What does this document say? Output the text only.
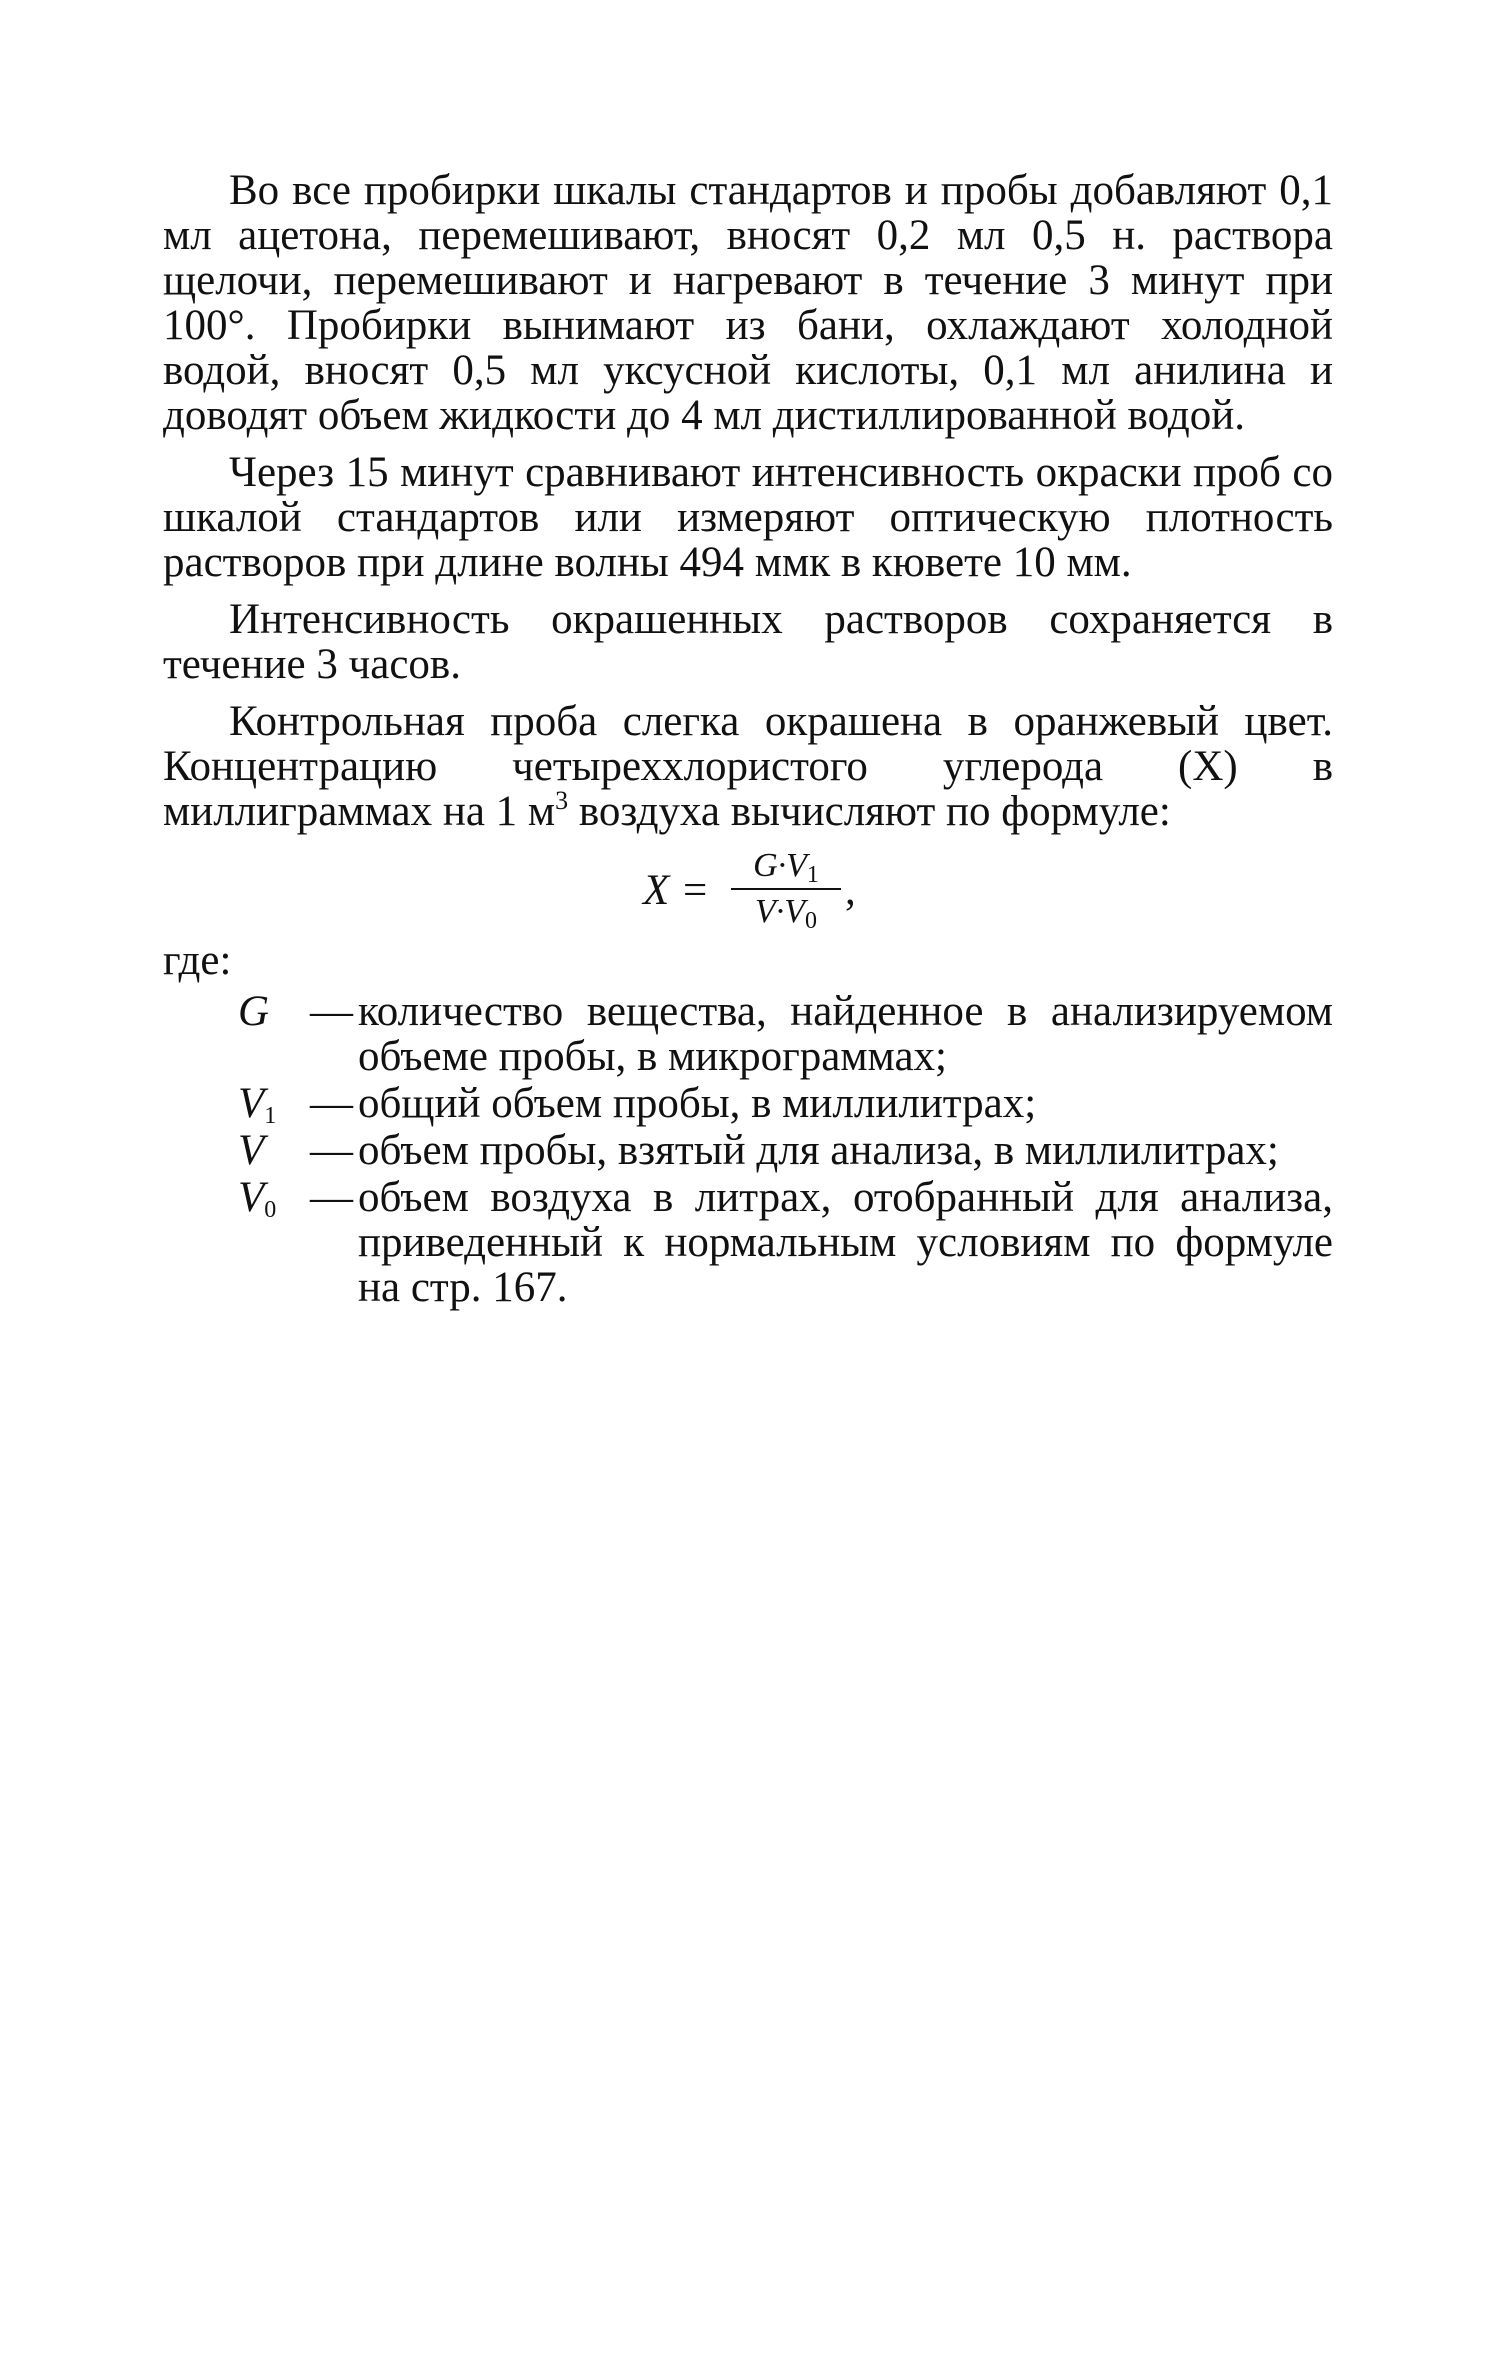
Во все пробирки шкалы стандартов и пробы добавляют 0,1 мл ацетона, перемешивают, вносят 0,2 мл 0,5 н. раствора щелочи, перемешивают и нагревают в течение 3 минут при 100°. Пробирки вынимают из бани, охлаждают холодной водой, вносят 0,5 мл уксусной кислоты, 0,1 мл анилина и доводят объем жидкости до 4 мл дистиллированной водой.

Через 15 минут сравнивают интенсивность окраски проб со шкалой стандартов или измеряют оптическую плотность растворов при длине волны 494 ммк в кювете 10 мм.

Интенсивность окрашенных растворов сохраняется в течение 3 часов.

Контрольная проба слегка окрашена в оранжевый цвет. Концентрацию четыреххлористого углерода (X) в миллиграммах на 1 $м^3$ воздуха вычисляют по формуле:

$X = \frac{G\cdot V_1}{V\cdot V_0}$ ,
где:
G — количество вещества, найденное в анализируемом объеме пробы, в микрограммах;
$V_1$ — общий объем пробы, в миллилитрах;
V	— объем пробы, взятый для анализа, в миллилитрах;
$V_0$ — объем воздуха в литрах, отобранный для анализа, приведенный к нормальным условиям по формуле на стр. 167.
